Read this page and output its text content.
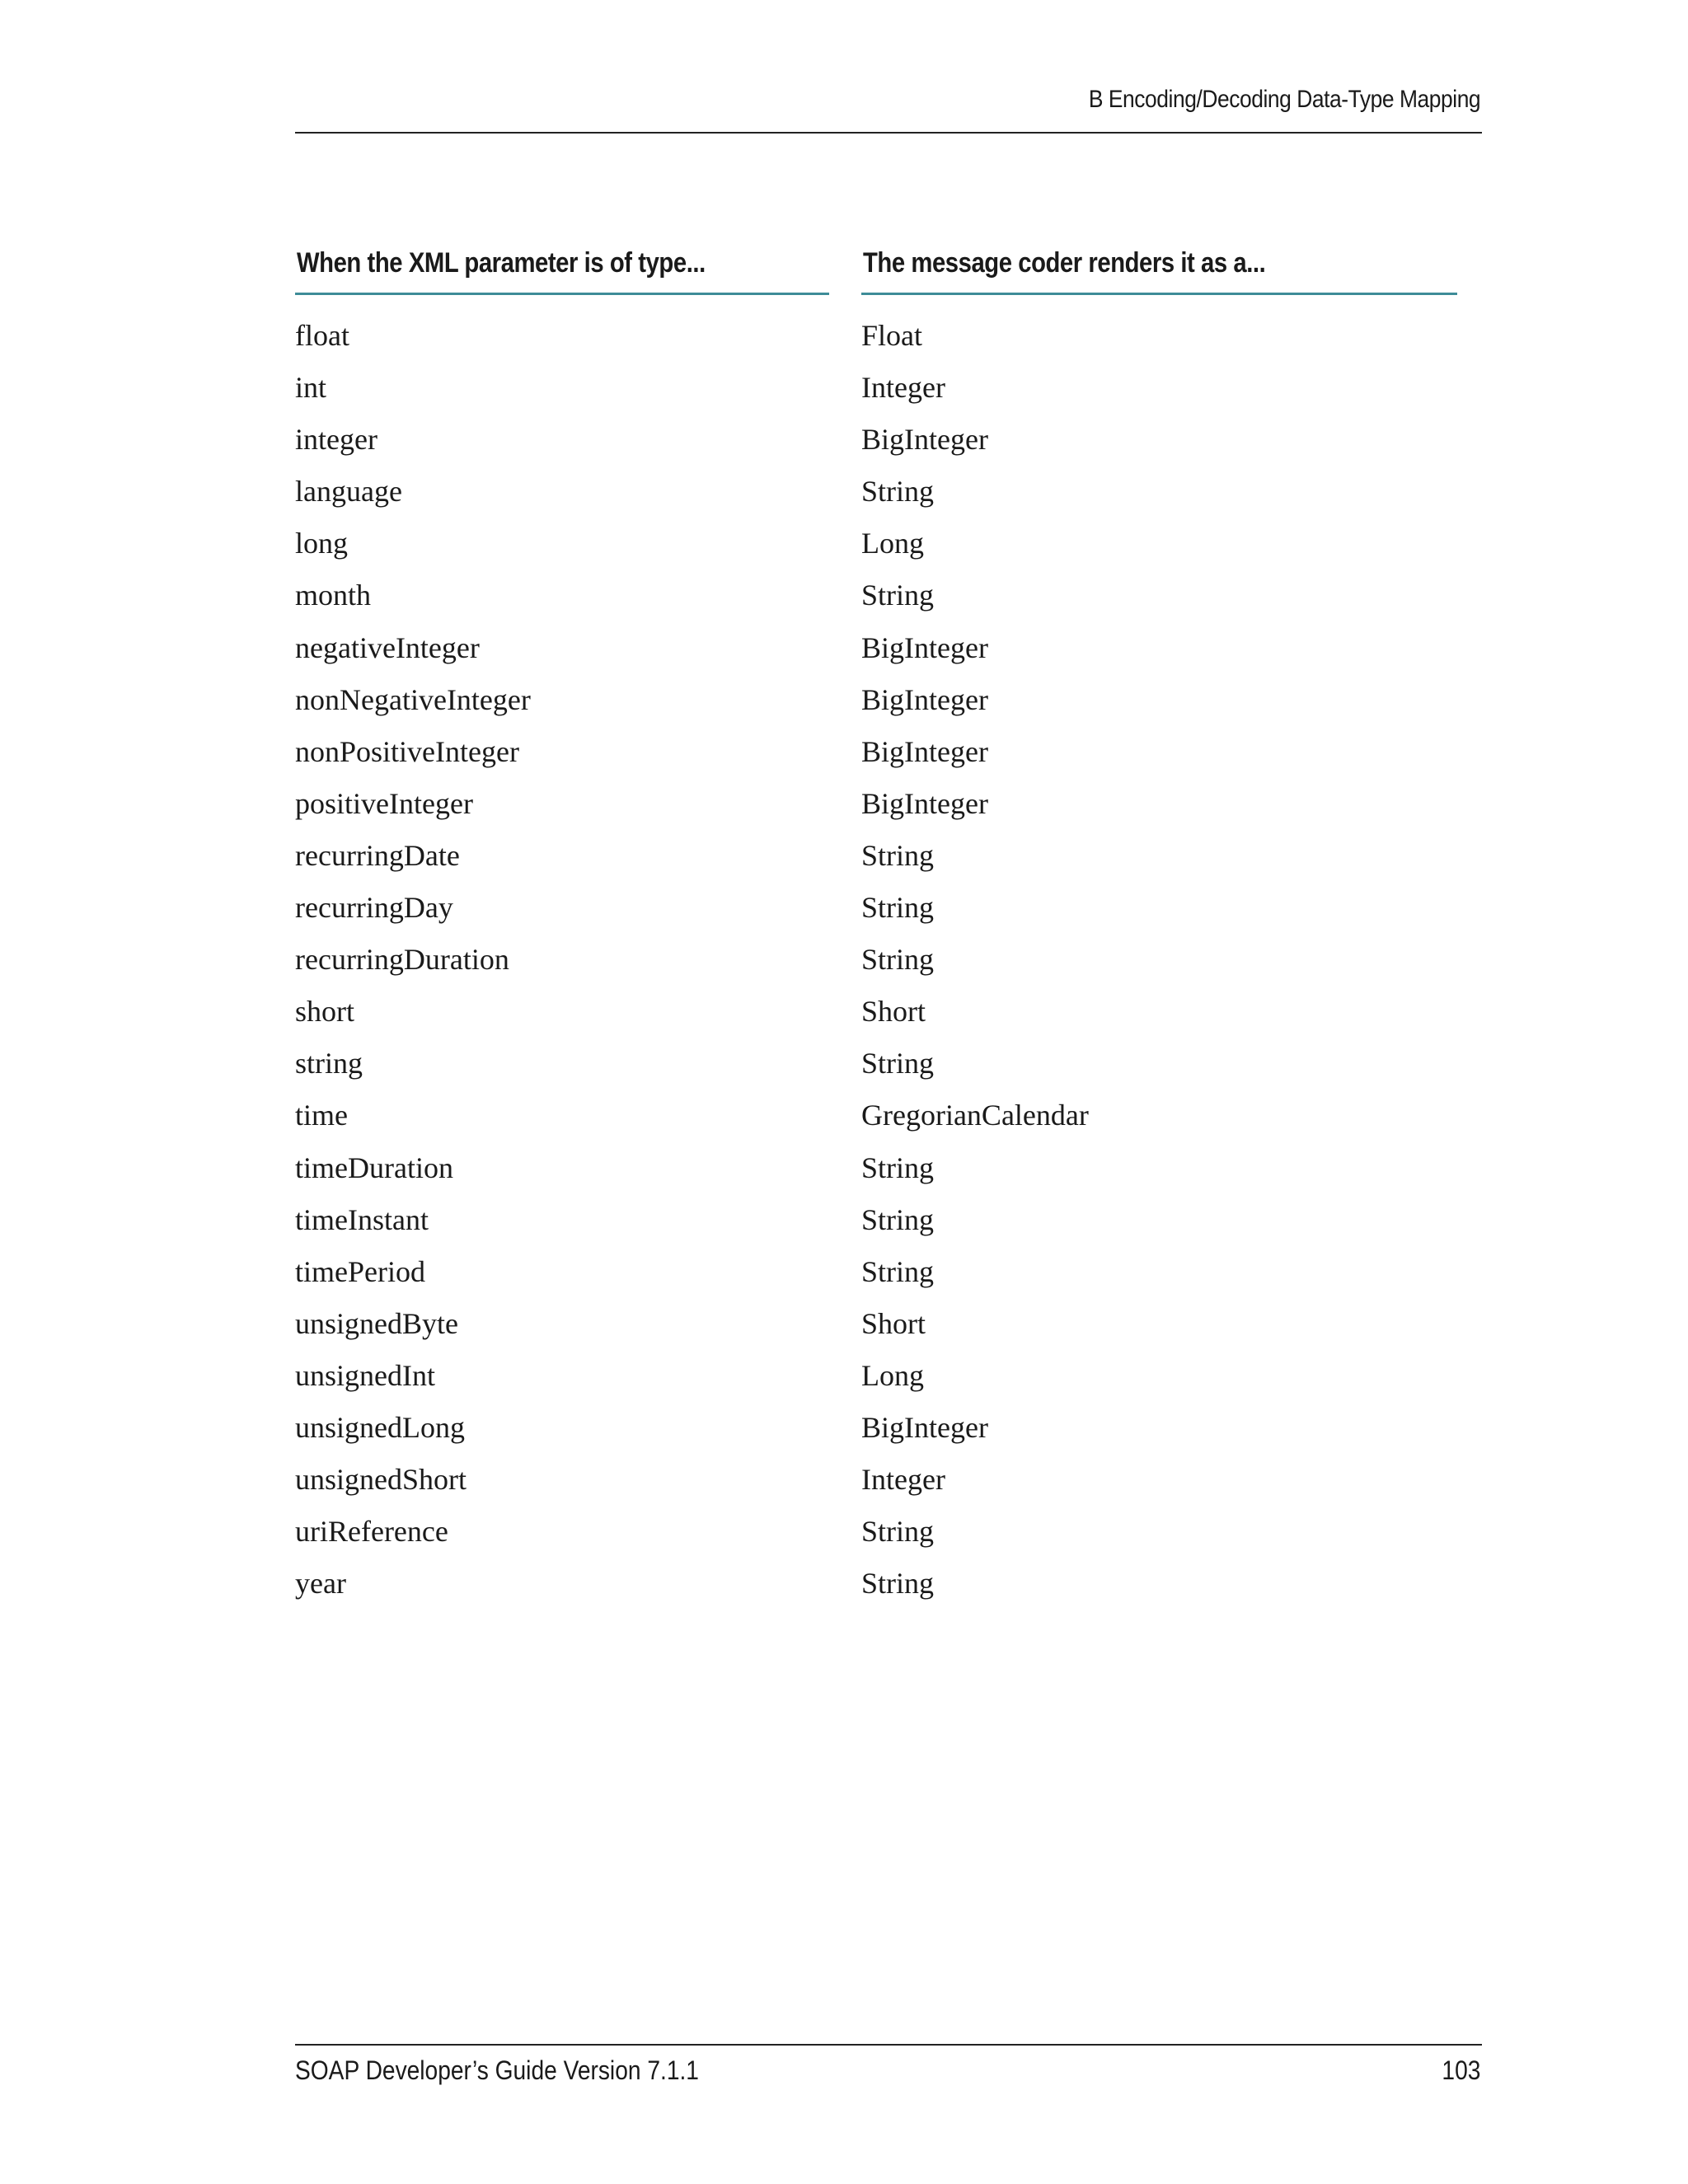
B Encoding/Decoding Data-Type Mapping
When the XML parameter is of type...	The message coder renders it as a...
float	Float
int	Integer
integer	BigInteger
language	String
long	Long
month	String
negativeInteger	BigInteger
nonNegativeInteger	BigInteger
nonPositiveInteger	BigInteger
positiveInteger	BigInteger
recurringDate	String
recurringDay	String
recurringDuration	String
short	Short
string	String
time	GregorianCalendar
timeDuration	String
timeInstant	String
timePeriod	String
unsignedByte	Short
unsignedInt	Long
unsignedLong	BigInteger
unsignedShort	Integer
uriReference	String
year	String
SOAP Developer’s Guide Version 7.1.1	103
